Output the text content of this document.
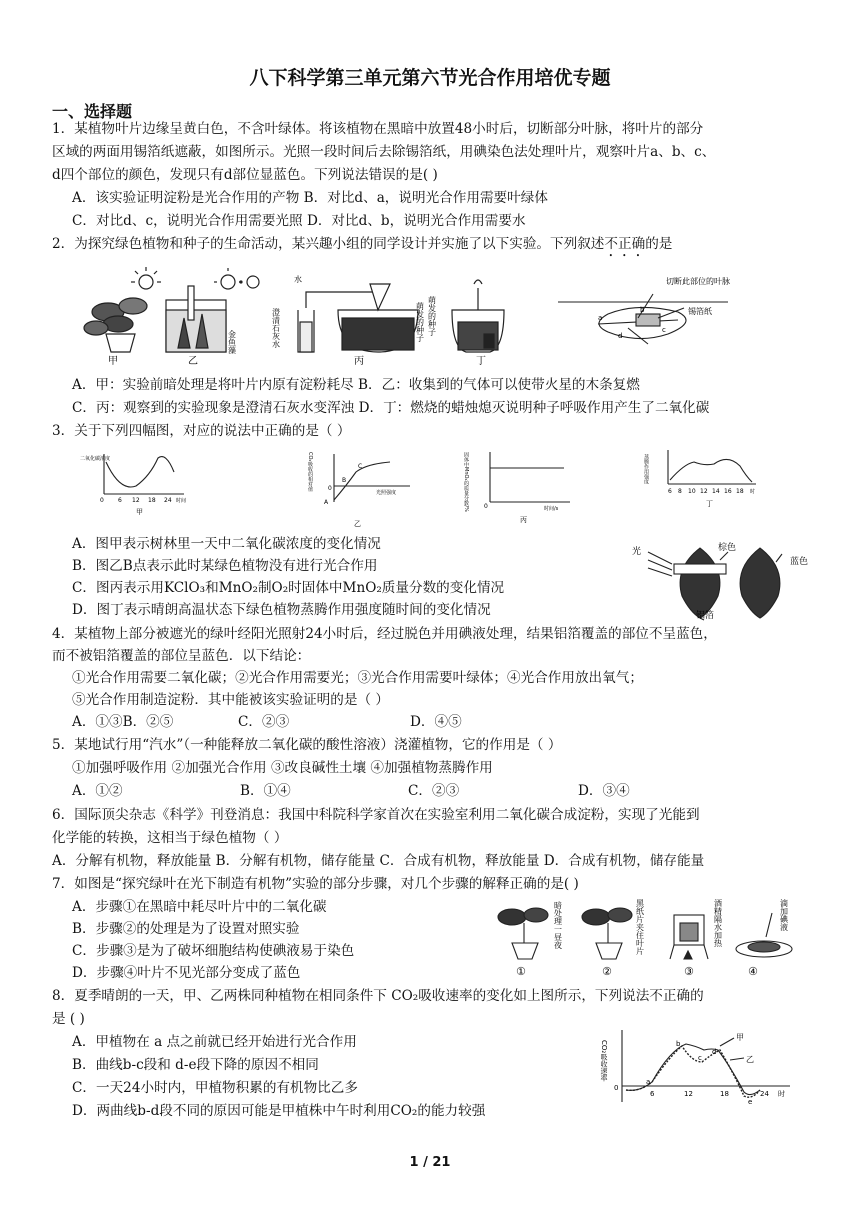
八下科学第三单元第六节光合作用培优专题
一、选择题
1．某植物叶片边缘呈黄白色，不含叶绿体。将该植物在黑暗中放置48小时后，切断部分叶脉，将叶片的部分
区域的两面用锡箔纸遮蔽，如图所示。光照一段时间后去除锡箔纸，用碘染色法处理叶片，观察叶片a、b、c、
d四个部位的颜色，发现只有d部位显蓝色。下列说法错误的是( )
A．该实验证明淀粉是光合作用的产物 B．对比d、a，说明光合作用需要叶绿体
C．对比d、c，说明光合作用需要光照 D．对比d、b，说明光合作用需要水
2．为探究绿色植物和种子的生命活动，某兴趣小组的同学设计并实施了以下实验。下列叙述不正确的是
甲	乙
金鱼藻
水
澄清石灰水	萌发的种子
丙
萌发的种子
丁
切断此部位的叶脉
锡箔纸
a
b
c
d
A．甲：实验前暗处理是将叶片内原有淀粉耗尽 B．乙：收集到的气体可以使带火星的木条复燃
C．丙：观察到的实验现象是澄清石灰水变浑浊 D．丁：燃烧的蜡烛熄灭说明种子呼吸作用产生了二氧化碳
3．关于下列四幅图，对应的说法中正确的是（ ）
二氧化碳浓度
0 6 12 18 24 时间
甲
CO₂吸收的相对值
A
B
C
0
光照强度
乙
固体中MnO₂的质量分数/%	0	时间/s
丙
蒸腾作用强度
6 8 10 12 14 16 18 时
丁
A．图甲表示树林里一天中二氧化碳浓度的变化情况
B．图乙B点表示此时某绿色植物没有进行光合作用
C．图丙表示用KClO₃和MnO₂制O₂时固体中MnO₂质量分数的变化情况
D．图丁表示晴朗高温状态下绿色植物蒸腾作用强度随时间的变化情况
光	棕色
蓝色
铝箔
4．某植物上部分被遮光的绿叶经阳光照射24小时后，经过脱色并用碘液处理，结果铝箔覆盖的部位不呈蓝色，
而不被铝箔覆盖的部位呈蓝色．以下结论：
①光合作用需要二氧化碳；②光合作用需要光；③光合作用需要叶绿体；④光合作用放出氧气；
⑤光合作用制造淀粉．其中能被该实验证明的是（ ）
A．①③B．②⑤	C．②③	D．④⑤
5．某地试行用“汽水”（一种能释放二氧化碳的酸性溶液）浇灌植物，它的作用是（ ）
①加强呼吸作用 ②加强光合作用 ③改良碱性土壤 ④加强植物蒸腾作用
A．①②	B．①④	C．②③	D．③④
6．国际顶尖杂志《科学》刊登消息：我国中科院科学家首次在实验室利用二氧化碳合成淀粉，实现了光能到
化学能的转换，这相当于绿色植物（ ）
A．分解有机物，释放能量 B．分解有机物，储存能量 C．合成有机物，释放能量 D．合成有机物，储存能量
7．如图是“探究绿叶在光下制造有机物”实验的部分步骤，对几个步骤的解释正确的是( )
A．步骤①在黑暗中耗尽叶片中的二氧化碳
B．步骤②的处理是为了设置对照实验
C．步骤③是为了破坏细胞结构使碘液易于染色
D．步骤④叶片不见光部分变成了蓝色
暗处理一昼夜	黑纸片夹住叶片	酒精隔水加热	滴加碘液
①	②	③	④
8．夏季晴朗的一天，甲、乙两株同种植物在相同条件下 CO₂吸收速率的变化如上图所示，下列说法不正确的
是 ( )
A．甲植物在 a 点之前就已经开始进行光合作用
B．曲线b-c段和 d-e段下降的原因不相同
C．一天24小时内，甲植物积累的有机物比乙多
D．两曲线b-d段不同的原因可能是甲植株中午时利用CO₂的能力较强
CO₂吸收速率
甲
乙
a
b
c
d
e
0
6	12	18	24 时
1 / 21
